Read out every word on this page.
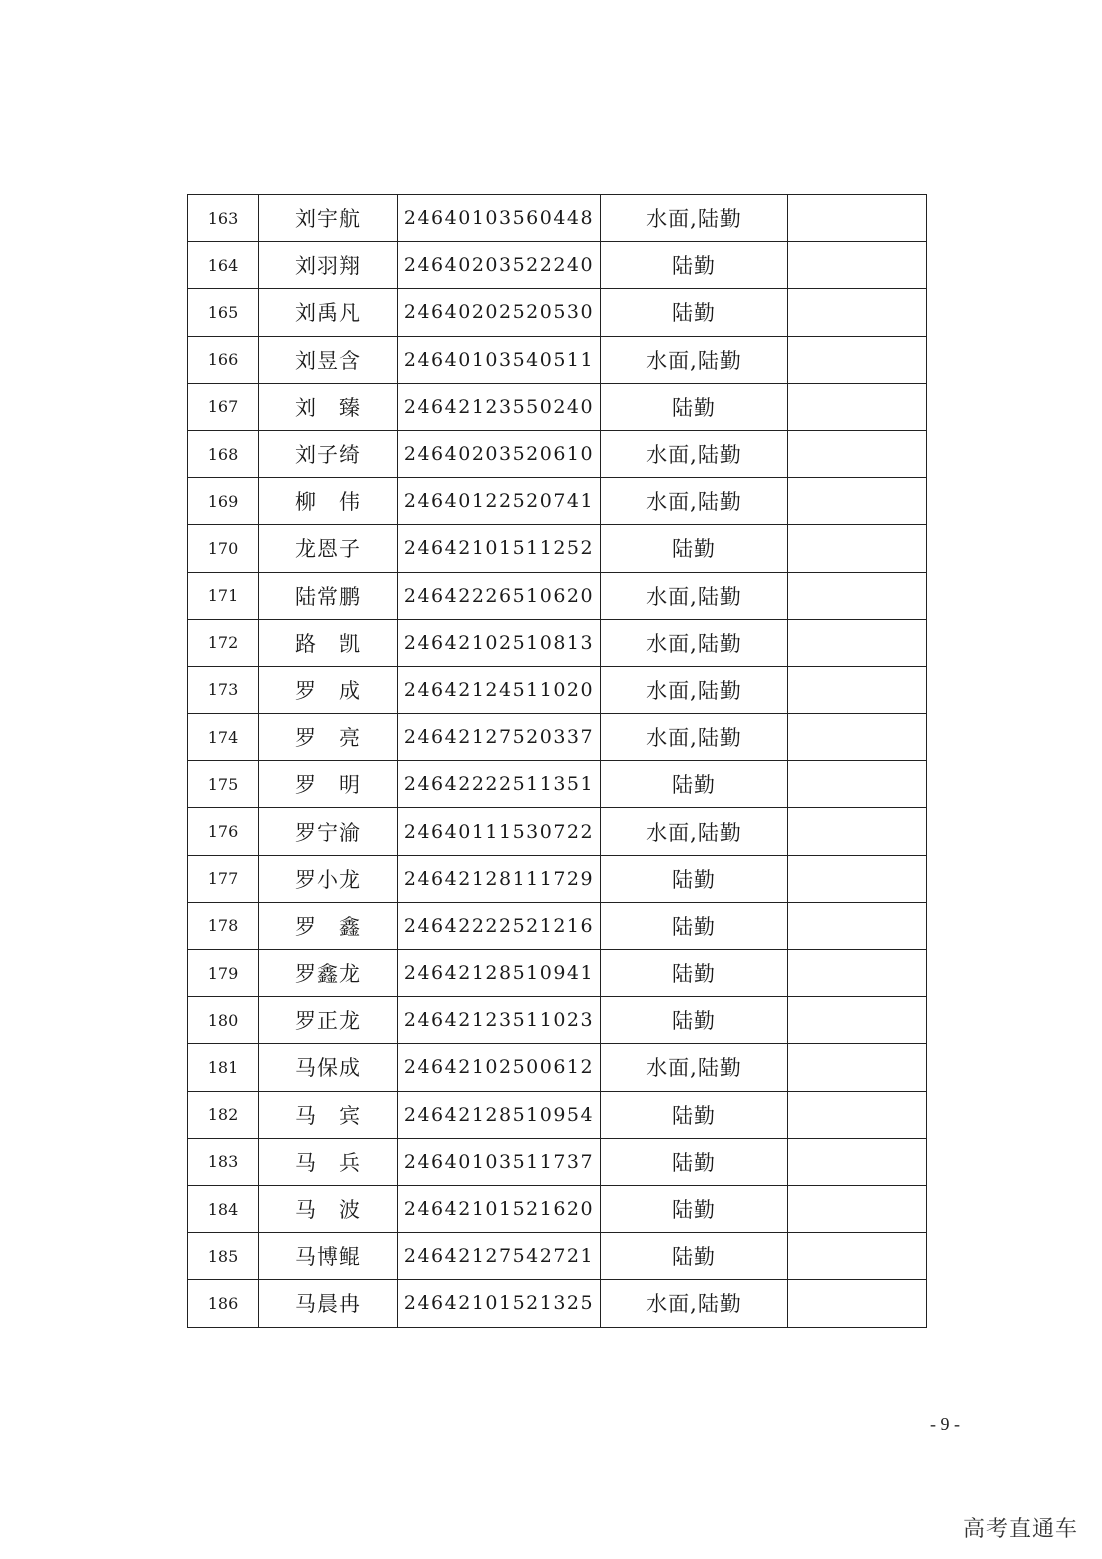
163	刘宇航	24640103560448	水面,陆勤	
164	刘羽翔	24640203522240	陆勤	
165	刘禹凡	24640202520530	陆勤	
166	刘昱含	24640103540511	水面,陆勤	
167	刘　臻	24642123550240	陆勤	
168	刘子绮	24640203520610	水面,陆勤	
169	柳　伟	24640122520741	水面,陆勤	
170	龙恩子	24642101511252	陆勤	
171	陆常鹏	24642226510620	水面,陆勤	
172	路　凯	24642102510813	水面,陆勤	
173	罗　成	24642124511020	水面,陆勤	
174	罗　亮	24642127520337	水面,陆勤	
175	罗　明	24642222511351	陆勤	
176	罗宁渝	24640111530722	水面,陆勤	
177	罗小龙	24642128111729	陆勤	
178	罗　鑫	24642222521216	陆勤	
179	罗鑫龙	24642128510941	陆勤	
180	罗正龙	24642123511023	陆勤	
181	马保成	24642102500612	水面,陆勤	
182	马　宾	24642128510954	陆勤	
183	马　兵	24640103511737	陆勤	
184	马　波	24642101521620	陆勤	
185	马博鲲	24642127542721	陆勤	
186	马晨冉	24642101521325	水面,陆勤	
- 9 -
高考直通车
